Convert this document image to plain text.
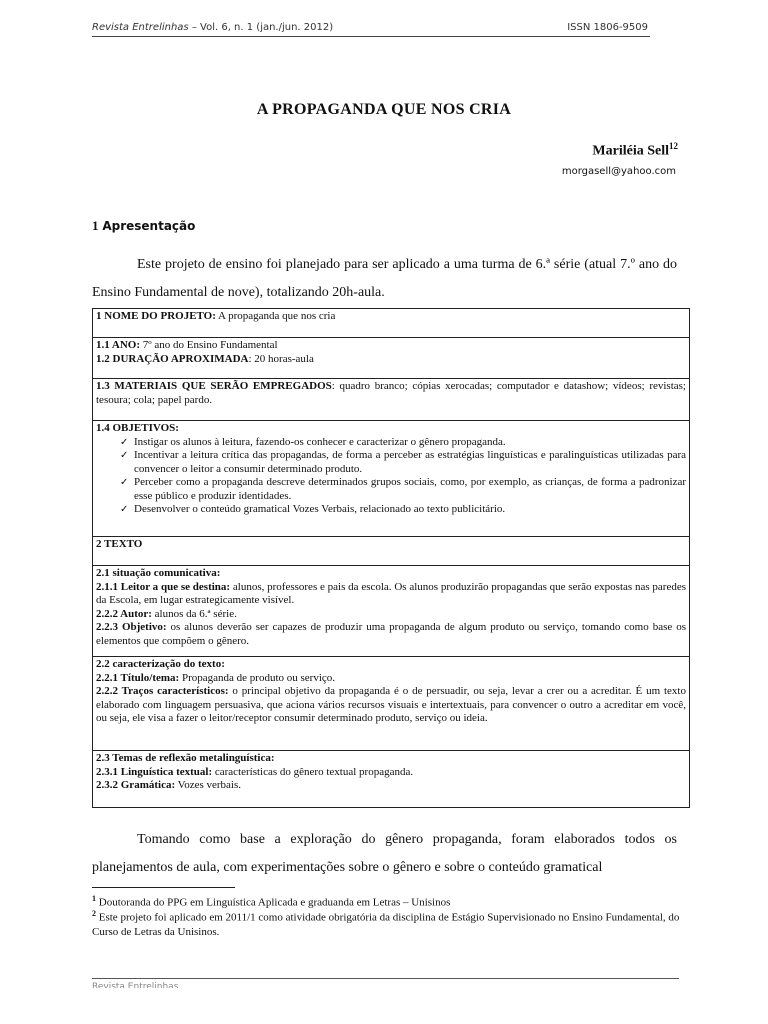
Revista Entrelinhas – Vol. 6, n. 1 (jan./jun. 2012)	ISSN 1806-9509
A PROPAGANDA QUE NOS CRIA
Mariléia Sell$^{12}$
morgasell@yahoo.com
1 Apresentação
Este projeto de ensino foi planejado para ser aplicado a uma turma de 6.ª série (atual 7.º ano do Ensino Fundamental de nove), totalizando 20h-aula.
1 NOME DO PROJETO: A propaganda que nos cria
1.1 ANO: 7º ano do Ensino Fundamental
1.2 DURAÇÃO APROXIMADA: 20 horas-aula
1.3 MATERIAIS QUE SERÃO EMPREGADOS: quadro branco; cópias xerocadas; computador e datashow; vídeos; revistas; tesoura; cola; papel pardo.
1.4 OBJETIVOS:
✓ Instigar os alunos à leitura, fazendo-os conhecer e caracterizar o gênero propaganda.
✓ Incentivar a leitura crítica das propagandas, de forma a perceber as estratégias linguísticas e paralinguísticas utilizadas para convencer o leitor a consumir determinado produto.
✓ Perceber como a propaganda descreve determinados grupos sociais, como, por exemplo, as crianças, de forma a padronizar esse público e produzir identidades.
✓ Desenvolver o conteúdo gramatical Vozes Verbais, relacionado ao texto publicitário.
2 TEXTO
2.1 situação comunicativa:
2.1.1 Leitor a que se destina: alunos, professores e pais da escola. Os alunos produzirão propagandas que serão expostas nas paredes da Escola, em lugar estrategicamente visível.
2.2.2 Autor: alunos da 6.ª série.
2.2.3 Objetivo: os alunos deverão ser capazes de produzir uma propaganda de algum produto ou serviço, tomando como base os elementos que compõem o gênero.
2.2 caracterização do texto:
2.2.1 Título/tema: Propaganda de produto ou serviço.
2.2.2 Traços característicos: o principal objetivo da propaganda é o de persuadir, ou seja, levar a crer ou a acreditar. É um texto elaborado com linguagem persuasiva, que aciona vários recursos visuais e intertextuais, para convencer o outro a acreditar em você, ou seja, ele visa a fazer o leitor/receptor consumir determinado produto, serviço ou ideia.
2.3 Temas de reflexão metalinguística:
2.3.1 Linguística textual: características do gênero textual propaganda.
2.3.2 Gramática: Vozes verbais.
Tomando como base a exploração do gênero propaganda, foram elaborados todos os planejamentos de aula, com experimentações sobre o gênero e sobre o conteúdo gramatical
$^1$ Doutoranda do PPG em Linguística Aplicada e graduanda em Letras – Unisinos
$^2$ Este projeto foi aplicado em 2011/1 como atividade obrigatória da disciplina de Estágio Supervisionado no Ensino Fundamental, do Curso de Letras da Unisinos.
Revista Entrelinhas
